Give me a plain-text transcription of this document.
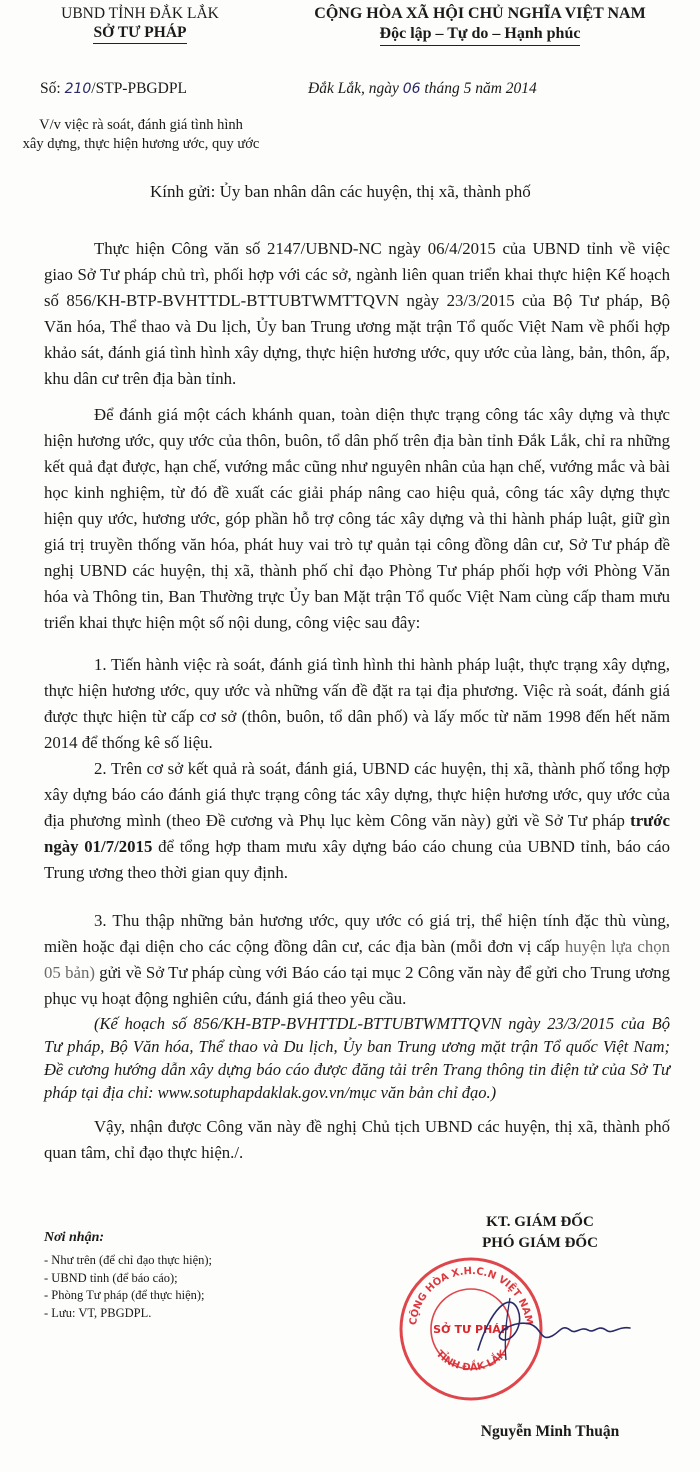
UBND TỈNH ĐẮK LẮK
SỞ TƯ PHÁP
CỘNG HÒA XÃ HỘI CHỦ NGHĨA VIỆT NAM
Độc lập – Tự do – Hạnh phúc
Số: 210/STP-PBGDPL	Đắk Lắk, ngày 06 tháng 5 năm 2014
V/v việc rà soát, đánh giá tình hình
xây dựng, thực hiện hương ước, quy ước
Kính gửi: Ủy ban nhân dân các huyện, thị xã, thành phố

Thực hiện Công văn số 2147/UBND-NC ngày 06/4/2015 của UBND tỉnh về việc giao Sở Tư pháp chủ trì, phối hợp với các sở, ngành liên quan triển khai thực hiện Kế hoạch số 856/KH-BTP-BVHTTDL-BTTUBTWMTTQVN ngày 23/3/2015 của Bộ Tư pháp, Bộ Văn hóa, Thể thao và Du lịch, Ủy ban Trung ương mặt trận Tổ quốc Việt Nam về phối hợp khảo sát, đánh giá tình hình xây dựng, thực hiện hương ước, quy ước của làng, bản, thôn, ấp, khu dân cư trên địa bàn tỉnh.

Để đánh giá một cách khánh quan, toàn diện thực trạng công tác xây dựng và thực hiện hương ước, quy ước của thôn, buôn, tổ dân phố trên địa bàn tỉnh Đắk Lắk, chỉ ra những kết quả đạt được, hạn chế, vướng mắc cũng như nguyên nhân của hạn chế, vướng mắc và bài học kinh nghiệm, từ đó đề xuất các giải pháp nâng cao hiệu quả, công tác xây dựng thực hiện quy ước, hương ước, góp phần hỗ trợ công tác xây dựng và thi hành pháp luật, giữ gìn giá trị truyền thống văn hóa, phát huy vai trò tự quản tại công đồng dân cư, Sở Tư pháp đề nghị UBND các huyện, thị xã, thành phố chỉ đạo Phòng Tư pháp phối hợp với Phòng Văn hóa và Thông tin, Ban Thường trực Ủy ban Mặt trận Tổ quốc Việt Nam cùng cấp tham mưu triển khai thực hiện một số nội dung, công việc sau đây:

1. Tiến hành việc rà soát, đánh giá tình hình thi hành pháp luật, thực trạng xây dựng, thực hiện hương ước, quy ước và những vấn đề đặt ra tại địa phương. Việc rà soát, đánh giá được thực hiện từ cấp cơ sở (thôn, buôn, tổ dân phố) và lấy mốc từ năm 1998 đến hết năm 2014 để thống kê số liệu.

2. Trên cơ sở kết quả rà soát, đánh giá, UBND các huyện, thị xã, thành phố tổng hợp xây dựng báo cáo đánh giá thực trạng công tác xây dựng, thực hiện hương ước, quy ước của địa phương mình (theo Đề cương và Phụ lục kèm Công văn này) gửi về Sở Tư pháp trước ngày 01/7/2015 để tổng hợp tham mưu xây dựng báo cáo chung của UBND tỉnh, báo cáo Trung ương theo thời gian quy định.

3. Thu thập những bản hương ước, quy ước có giá trị, thể hiện tính đặc thù vùng, miền hoặc đại diện cho các cộng đồng dân cư, các địa bàn (mỗi đơn vị cấp huyện lựa chọn 05 bản) gửi về Sở Tư pháp cùng với Báo cáo tại mục 2 Công văn này để gửi cho Trung ương phục vụ hoạt động nghiên cứu, đánh giá theo yêu cầu.

(Kế hoạch số 856/KH-BTP-BVHTTDL-BTTUBTWMTTQVN ngày 23/3/2015 của Bộ Tư pháp, Bộ Văn hóa, Thể thao và Du lịch, Ủy ban Trung ương mặt trận Tổ quốc Việt Nam; Đề cương hướng dẫn xây dựng báo cáo được đăng tải trên Trang thông tin điện tử của Sở Tư pháp tại địa chỉ: www.sotuphapdaklak.gov.vn/mục văn bản chỉ đạo.)

Vậy, nhận được Công văn này đề nghị Chủ tịch UBND các huyện, thị xã, thành phố quan tâm, chỉ đạo thực hiện./.

Nơi nhận:
- Như trên (để chỉ đạo thực hiện);
- UBND tỉnh (để báo cáo);
- Phòng Tư pháp (để thực hiện);
- Lưu: VT, PBGDPL.
KT. GIÁM ĐỐC
PHÓ GIÁM ĐỐC
CỘNG HÒA X.H.C.N VIỆT NAM
TỈNH ĐẮK LẮK
SỞ TƯ PHÁP
Nguyễn Minh Thuận
